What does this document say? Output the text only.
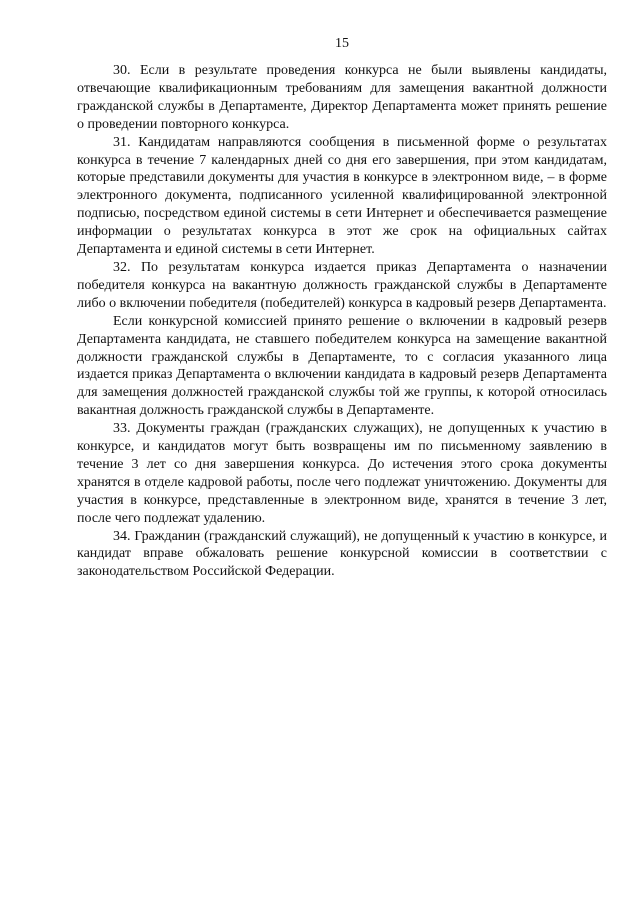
15

30. Если в результате проведения конкурса не были выявлены кандидаты, отвечающие квалификационным требованиям для замещения вакантной должности гражданской службы в Департаменте, Директор Департамента может принять решение о проведении повторного конкурса.

31. Кандидатам направляются сообщения в письменной форме о результатах конкурса в течение 7 календарных дней со дня его завершения, при этом кандидатам, которые представили документы для участия в конкурсе в электронном виде, – в форме электронного документа, подписанного усиленной квалифицированной электронной подписью, посредством единой системы в сети Интернет и обеспечивается размещение информации о результатах конкурса в этот же срок на официальных сайтах Департамента и единой системы в сети Интернет.

32. По результатам конкурса издается приказ Департамента о назначении победителя конкурса на вакантную должность гражданской службы в Департаменте либо о включении победителя (победителей) конкурса в кадровый резерв Департамента.

Если конкурсной комиссией принято решение о включении в кадровый резерв Департамента кандидата, не ставшего победителем конкурса на замещение вакантной должности гражданской службы в Департаменте, то с согласия указанного лица издается приказ Департамента о включении кандидата в кадровый резерв Департамента для замещения должностей гражданской службы той же группы, к которой относилась вакантная должность гражданской службы в Департаменте.

33. Документы граждан (гражданских служащих), не допущенных к участию в конкурсе, и кандидатов могут быть возвращены им по письменному заявлению в течение 3 лет со дня завершения конкурса. До истечения этого срока документы хранятся в отделе кадровой работы, после чего подлежат уничтожению. Документы для участия в конкурсе, представленные в электронном виде, хранятся в течение 3 лет, после чего подлежат удалению.

34. Гражданин (гражданский служащий), не допущенный к участию в конкурсе, и кандидат вправе обжаловать решение конкурсной комиссии в соответствии с законодательством Российской Федерации.
